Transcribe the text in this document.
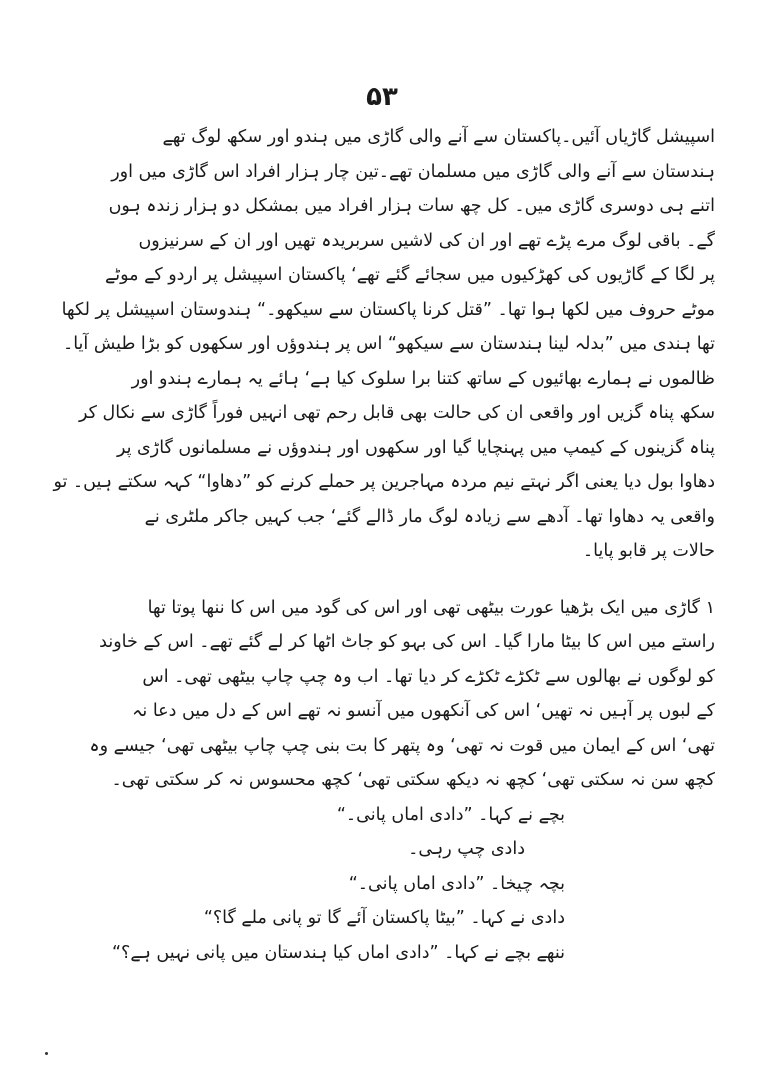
۵۳
اسپیشل گاڑیاں آئیں۔پاکستان سے آنے والی گاڑی میں ہندو اور سکھ لوگ تھے
ہندستان سے آنے والی گاڑی میں مسلمان تھے۔تین چار ہزار افراد اس گاڑی میں اور
اتنے ہی دوسری گاڑی میں۔ کل چھ سات ہزار افراد میں بمشکل دو ہزار زندہ ہوں
گے۔ باقی لوگ مرے پڑے تھے اور ان کی لاشیں سربریدہ تھیں اور ان کے سرنیزوں
پر لگا کے گاڑیوں کی کھڑکیوں میں سجائے گئے تھے‘ پاکستان اسپیشل پر اردو کے موٹے
موٹے حروف میں لکھا ہوا تھا۔ ”قتل کرنا پاکستان سے سیکھو۔“ ہندوستان اسپیشل پر لکھا
تھا ہندی میں ”بدلہ لینا ہندستان سے سیکھو“ اس پر ہندوؤں اور سکھوں کو بڑا طیش آیا۔
ظالموں نے ہمارے بھائیوں کے ساتھ کتنا برا سلوک کیا ہے‘ ہائے یہ ہمارے ہندو اور
سکھ پناہ گزیں اور واقعی ان کی حالت بھی قابل رحم تھی انہیں فوراً گاڑی سے نکال کر
پناہ گزینوں کے کیمپ میں پہنچایا گیا اور سکھوں اور ہندوؤں نے مسلمانوں گاڑی پر
دھاوا بول دیا یعنی اگر نہتے نیم مردہ مہاجرین پر حملے کرنے کو ”دھاوا“ کہہ سکتے ہیں۔ تو
واقعی یہ دھاوا تھا۔ آدھے سے زیادہ لوگ مار ڈالے گئے‘ جب کہیں جاکر ملٹری نے
حالات پر قابو پایا۔
۱ گاڑی میں ایک بڑھیا عورت بیٹھی تھی اور اس کی گود میں اس کا ننھا پوتا تھا
راستے میں اس کا بیٹا مارا گیا۔ اس کی بہو کو جاٹ اٹھا کر لے گئے تھے۔ اس کے خاوند
کو لوگوں نے بھالوں سے ٹکڑے ٹکڑے کر دیا تھا۔ اب وہ چپ چاپ بیٹھی تھی۔ اس
کے لبوں پر آہیں نہ تھیں‘ اس کی آنکھوں میں آنسو نہ تھے اس کے دل میں دعا نہ
تھی‘ اس کے ایمان میں قوت نہ تھی‘ وہ پتھر کا بت بنی چپ چاپ بیٹھی تھی‘ جیسے وہ
کچھ سن نہ سکتی تھی‘ کچھ نہ دیکھ سکتی تھی‘ کچھ محسوس نہ کر سکتی تھی۔
بچے نے کہا۔ ”دادی اماں پانی۔“
دادی چپ رہی۔
بچہ چیخا۔ ”دادی اماں پانی۔“
دادی نے کہا۔ ”بیٹا پاکستان آئے گا تو پانی ملے گا؟“
ننھے بچے نے کہا۔ ”دادی اماں کیا ہندستان میں پانی نہیں ہے؟“
